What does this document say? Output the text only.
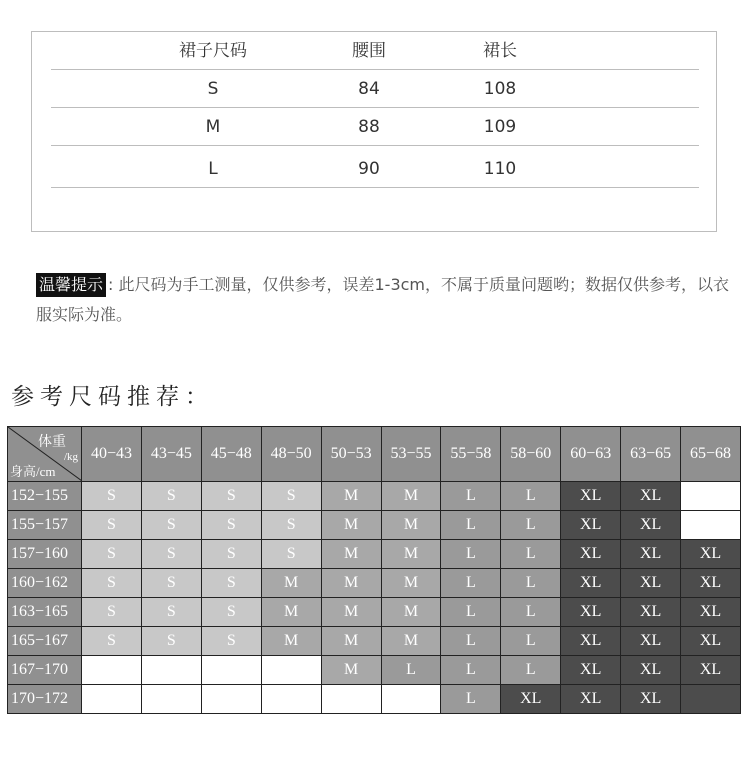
裙子尺码	腰围	裙长
S	84	108
M	88	109
L	90	110
温馨提示 : 此尺码为手工测量，仅供参考，误差1-3cm，不属于质量问题哟；数据仅供参考，以衣服实际为准。
参考尺码推荐：
体重
/kg
身高/cm	40−43	43−45	45−48	48−50	50−53	53−55	55−58	58−60	60−63	63−65	65−68
152−155	S	S	S	S	M	M	L	L	XL	XL	
155−157	S	S	S	S	M	M	L	L	XL	XL	
157−160	S	S	S	S	M	M	L	L	XL	XL	XL
160−162	S	S	S	M	M	M	L	L	XL	XL	XL
163−165	S	S	S	M	M	M	L	L	XL	XL	XL
165−167	S	S	S	M	M	M	L	L	XL	XL	XL
167−170					M	L	L	L	XL	XL	XL
170−172							L	XL	XL	XL	
